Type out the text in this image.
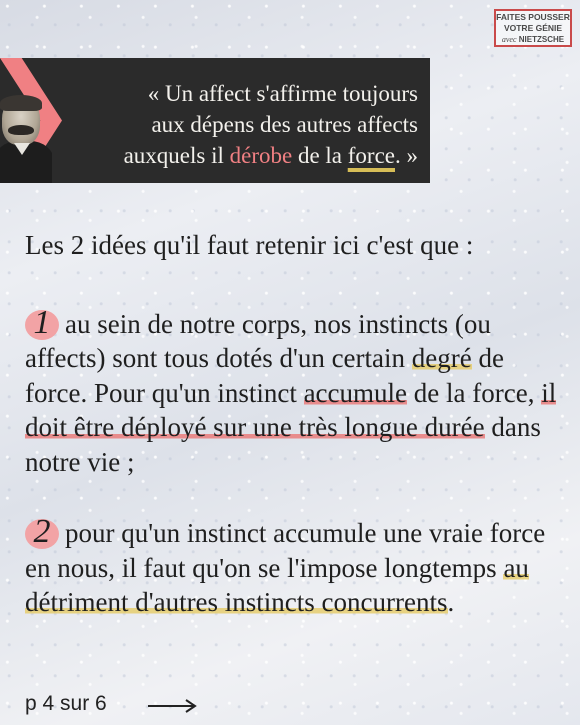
FAITES POUSSER
VOTRE GÉNIE
avec NIETZSCHE
« Un affect s'affirme toujours
aux dépens des autres affects
auxquels il dérobe de la force. »

Les 2 idées qu'il faut retenir ici c'est que :

1 au sein de notre corps, nos instincts (ou affects) sont tous dotés d'un certain degré de force. Pour qu'un instinct accumule de la force, il doit être déployé sur une très longue durée dans notre vie ;

2 pour qu'un instinct accumule une vraie force en nous, il faut qu'on se l'impose longtemps au détriment d'autres instincts concurrents.

p 4 sur 6
